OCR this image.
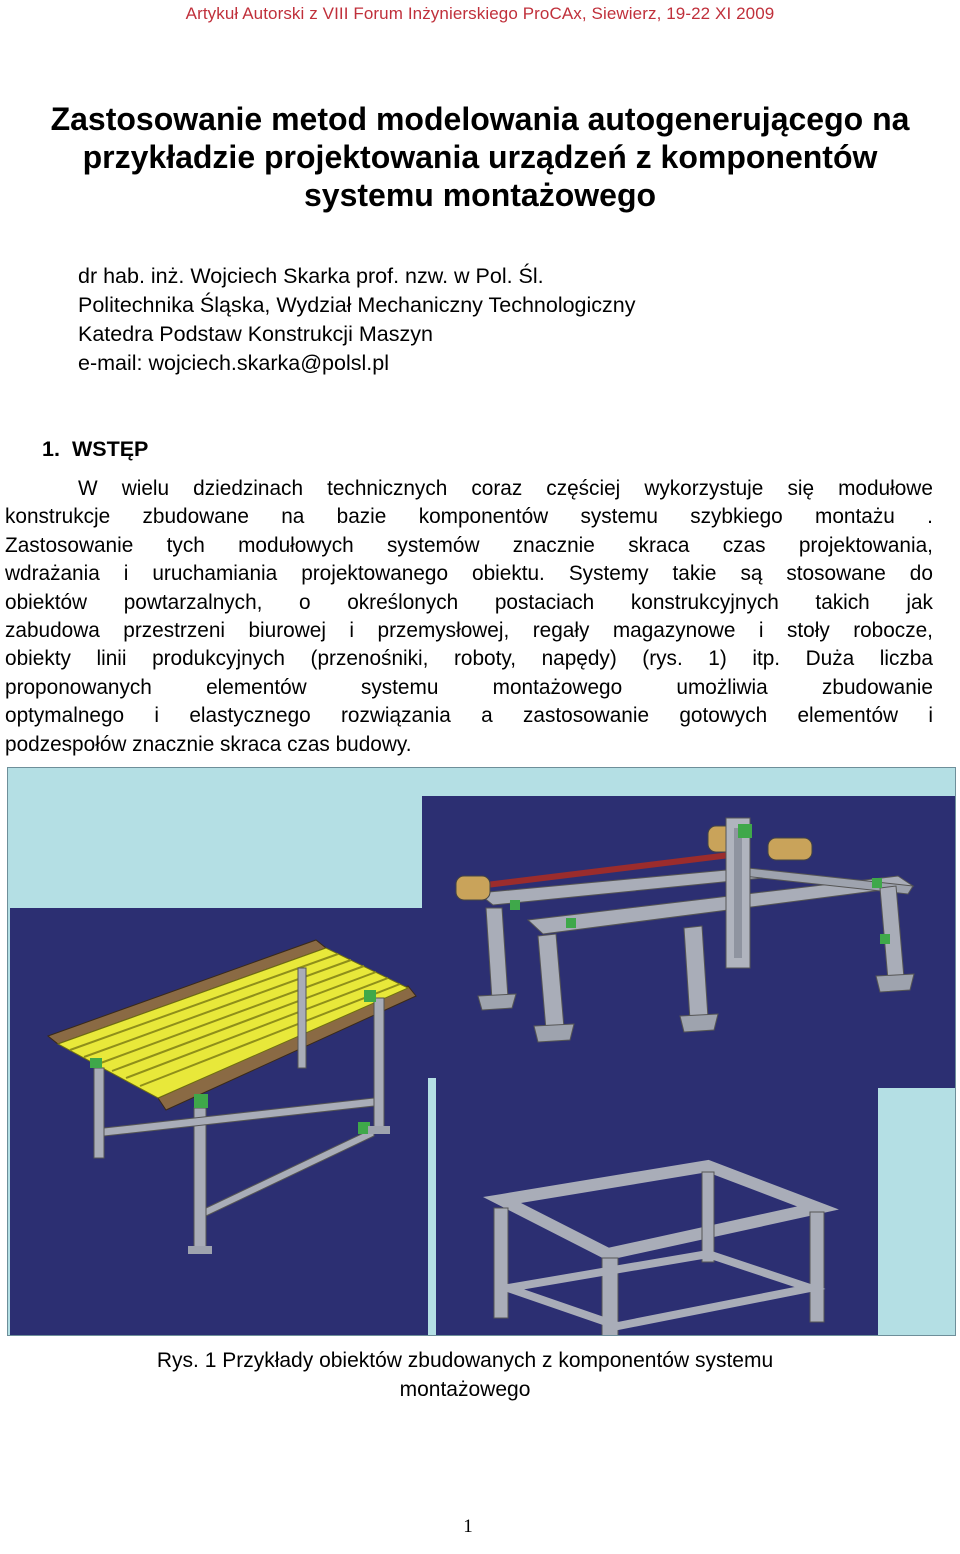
Artykuł Autorski z VIII Forum Inżynierskiego ProCAx, Siewierz, 19-22 XI 2009
Zastosowanie metod modelowania autogenerującego na
przykładzie projektowania urządzeń z komponentów
systemu montażowego
dr hab. inż. Wojciech Skarka prof. nzw. w Pol. Śl.
Politechnika Śląska, Wydział Mechaniczny Technologiczny
Katedra Podstaw Konstrukcji Maszyn
e-mail: wojciech.skarka@polsl.pl
1. WSTĘP
W wielu dziedzinach technicznych coraz częściej wykorzystuje się modułowe
konstrukcje zbudowane na bazie komponentów systemu szybkiego montażu .
Zastosowanie tych modułowych systemów znacznie skraca czas projektowania,
wdrażania i uruchamiania projektowanego obiektu. Systemy takie są stosowane do
obiektów powtarzalnych, o określonych postaciach konstrukcyjnych takich jak
zabudowa przestrzeni biurowej i przemysłowej, regały magazynowe i stoły robocze,
obiekty linii produkcyjnych (przenośniki, roboty, napędy) (rys. 1) itp. Duża liczba
proponowanych	elementów	systemu	montażowego	umożliwia	zbudowanie
optymalnego i elastycznego rozwiązania a zastosowanie gotowych elementów i
podzespołów znacznie skraca czas budowy.
Rys. 1 Przykłady obiektów zbudowanych z komponentów systemu
montażowego
1
